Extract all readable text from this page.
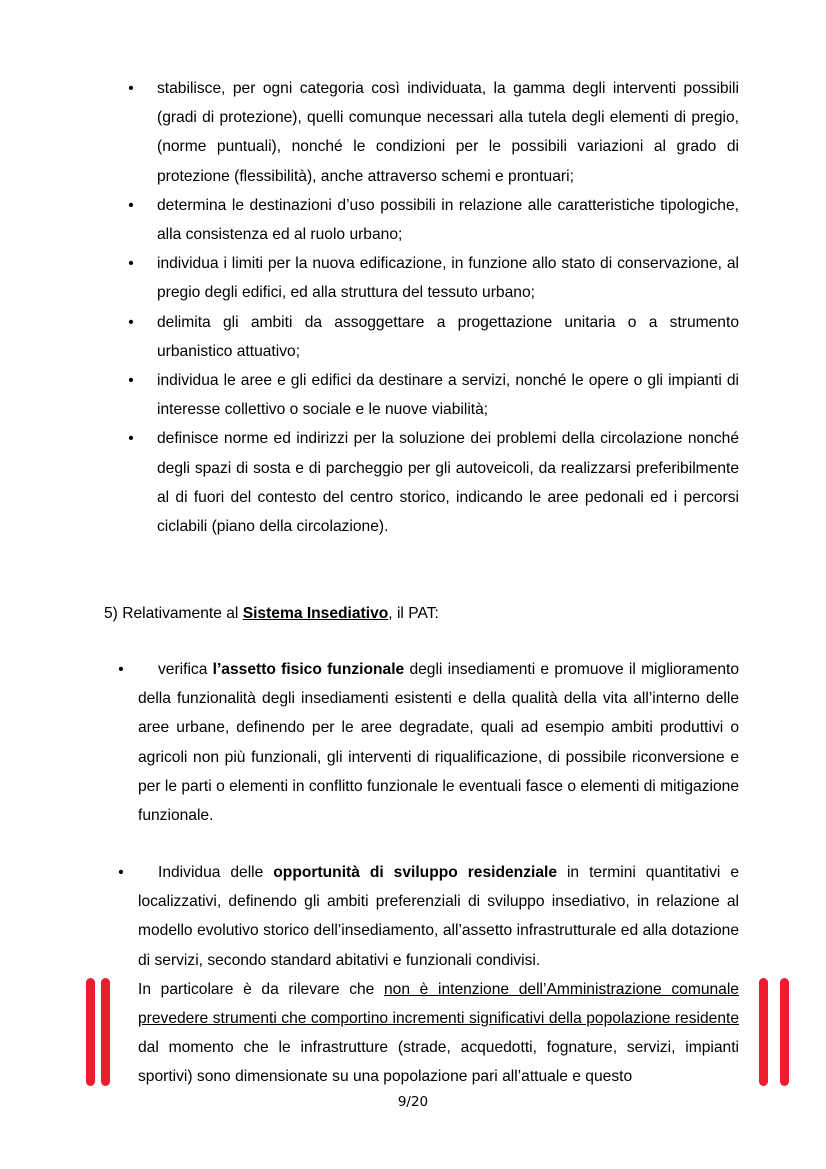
• stabilisce, per ogni categoria così individuata, la gamma degli interventi possibili (gradi di protezione), quelli comunque necessari alla tutela degli elementi di pregio, (norme puntuali), nonché le condizioni per le possibili variazioni al grado di protezione (flessibilità), anche attraverso schemi e prontuari;
• determina le destinazioni d’uso possibili in relazione alle caratteristiche tipologiche, alla consistenza ed al ruolo urbano;
• individua i limiti per la nuova edificazione, in funzione allo stato di conservazione, al pregio degli edifici, ed alla struttura del tessuto urbano;
• delimita gli ambiti da assoggettare a progettazione unitaria o a strumento urbanistico attuativo;
• individua le aree e gli edifici da destinare a servizi, nonché le opere o gli impianti di interesse collettivo o sociale e le nuove viabilità;
• definisce norme ed indirizzi per la soluzione dei problemi della circolazione nonché degli spazi di sosta e di parcheggio per gli autoveicoli, da realizzarsi preferibilmente al di fuori del contesto del centro storico, indicando le aree pedonali ed i percorsi ciclabili (piano della circolazione).
5) Relativamente al Sistema Insediativo, il PAT:
• verifica l’assetto fisico funzionale degli insediamenti e promuove il miglioramento della funzionalità degli insediamenti esistenti e della qualità della vita all’interno delle aree urbane, definendo per le aree degradate, quali ad esempio ambiti produttivi o agricoli non più funzionali, gli interventi di riqualificazione, di possibile riconversione e per le parti o elementi in conflitto funzionale le eventuali fasce o elementi di mitigazione funzionale.
• Individua delle opportunità di sviluppo residenziale in termini quantitativi e localizzativi, definendo gli ambiti preferenziali di sviluppo insediativo, in relazione al modello evolutivo storico dell’insediamento, all’assetto infrastrutturale ed alla dotazione di servizi, secondo standard abitativi e funzionali condivisi.
In particolare è da rilevare che non è intenzione dell’Amministrazione comunale prevedere strumenti che comportino incrementi significativi della popolazione residente dal momento che le infrastrutture (strade, acquedotti, fognature, servizi, impianti sportivi) sono dimensionate su una popolazione pari all’attuale e questo
9/20
